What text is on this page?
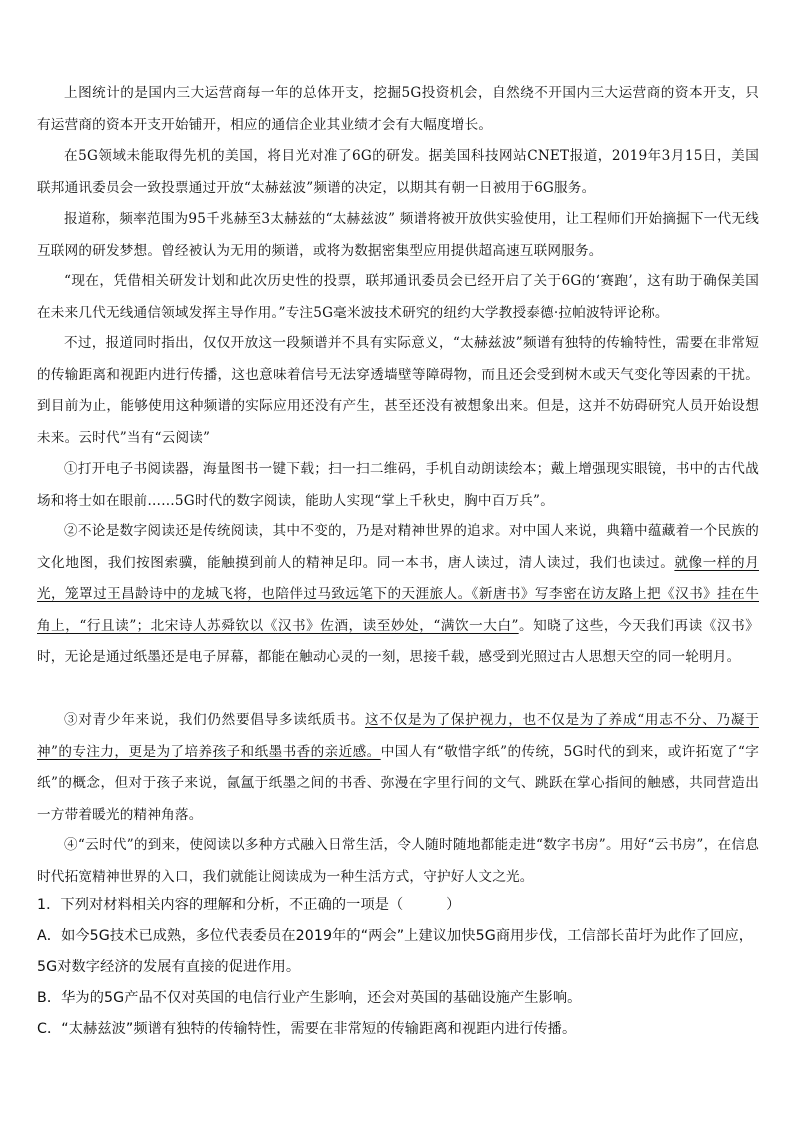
上图统计的是国内三大运营商每一年的总体开支，挖掘5G投资机会，自然绕不开国内三大运营商的资本开支，只有运营商的资本开支开始铺开，相应的通信企业其业绩才会有大幅度增长。

在5G领域未能取得先机的美国，将目光对准了6G的研发。据美国科技网站CNET报道，2019年3月15日，美国联邦通讯委员会一致投票通过开放“太赫兹波”频谱的决定，以期其有朝一日被用于6G服务。

报道称，频率范围为95千兆赫至3太赫兹的“太赫兹波” 频谱将被开放供实验使用，让工程师们开始摘掘下一代无线互联网的研发梦想。曾经被认为无用的频谱，或将为数据密集型应用提供超高速互联网服务。

“现在，凭借相关研发计划和此次历史性的投票，联邦通讯委员会已经开启了关于6G的‘赛跑’，这有助于确保美国在未来几代无线通信领域发挥主导作用。”专注5G毫米波技术研究的纽约大学教授泰德·拉帕波特评论称。

不过，报道同时指出，仅仅开放这一段频谱并不具有实际意义，“太赫兹波”频谱有独特的传输特性，需要在非常短的传输距离和视距内进行传播，这也意味着信号无法穿透墙壁等障碍物，而且还会受到树木或天气变化等因素的干扰。到目前为止，能够使用这种频谱的实际应用还没有产生，甚至还没有被想象出来。但是，这并不妨碍研究人员开始设想未来。云时代”当有“云阅读”

①打开电子书阅读器，海量图书一键下载；扫一扫二维码，手机自动朗读绘本；戴上增强现实眼镜，书中的古代战场和将士如在眼前……5G时代的数字阅读，能助人实现“掌上千秋史，胸中百万兵”。

②不论是数字阅读还是传统阅读，其中不变的，乃是对精神世界的追求。对中国人来说，典籍中蕴藏着一个民族的文化地图，我们按图索骥，能触摸到前人的精神足印。同一本书，唐人读过，清人读过，我们也读过。就像一样的月光，笼罩过王昌龄诗中的龙城飞将，也陪伴过马致远笔下的天涯旅人。《新唐书》写李密在访友路上把《汉书》挂在牛角上，“行且读”；北宋诗人苏舜钦以《汉书》佐酒，读至妙处，“满饮一大白”。知晓了这些，今天我们再读《汉书》时，无论是通过纸墨还是电子屏幕，都能在触动心灵的一刻，思接千载，感受到光照过古人思想天空的同一轮明月。

③对青少年来说，我们仍然要倡导多读纸质书。这不仅是为了保护视力，也不仅是为了养成“用志不分、乃凝于神”的专注力，更是为了培养孩子和纸墨书香的亲近感。中国人有“敬惜字纸”的传统，5G时代的到来，或许拓宽了“字纸”的概念，但对于孩子来说，氤氲于纸墨之间的书香、弥漫在字里行间的文气、跳跃在掌心指间的触感，共同营造出一方带着暖光的精神角落。

④“云时代”的到来，使阅读以多种方式融入日常生活，令人随时随地都能走进“数字书房”。用好“云书房”，在信息时代拓宽精神世界的入口，我们就能让阅读成为一种生活方式，守护好人文之光。

1．下列对材料相关内容的理解和分析，不正确的一项是（　　　）

A．如今5G技术已成熟，多位代表委员在2019年的“两会”上建议加快5G商用步伐，工信部长苗圩为此作了回应，
5G对数字经济的发展有直接的促进作用。

B．华为的5G产品不仅对英国的电信行业产生影响，还会对英国的基础设施产生影响。

C．“太赫兹波”频谱有独特的传输特性，需要在非常短的传输距离和视距内进行传播。
